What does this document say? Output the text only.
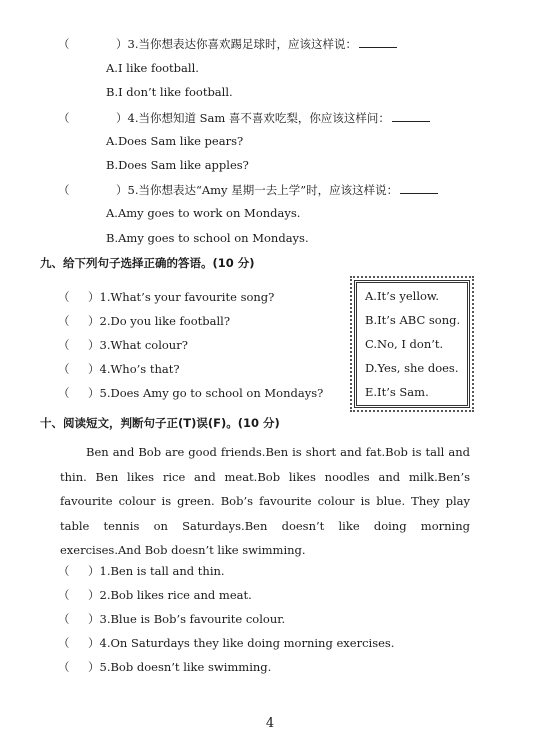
（	）3.当你想表达你喜欢踢足球时，应该这样说：
A.I like football.
B.I don’t like football.
（	）4.当你想知道 Sam 喜不喜欢吃梨，你应该这样问：
A.Does Sam like pears?
B.Does Sam like apples?
（	）5.当你想表达“Amy 星期一去上学”时，应该这样说：
A.Amy goes to work on Mondays.
B.Amy goes to school on Mondays.
九、给下列句子选择正确的答语。(10 分)
（ ）1.What’s your favourite song?
（ ）2.Do you like football?
（ ）3.What colour?
（ ）4.Who’s that?
（ ）5.Does Amy go to school on Mondays?
A.It’s yellow.
B.It’s ABC song.
C.No, I don’t.
D.Yes, she does.
E.It’s Sam.
十、阅读短文，判断句子正(T)误(F)。(10 分)

Ben and Bob are good friends.Ben is short and fat.Bob is tall and thin. Ben likes rice and meat.Bob likes noodles and milk.Ben’s favourite colour is green. Bob’s favourite colour is blue. They play table tennis on Saturdays.Ben doesn’t like doing morning exercises.And Bob doesn’t like swimming.

（ ）1.Ben is tall and thin.
（ ）2.Bob likes rice and meat.
（ ）3.Blue is Bob’s favourite colour.
（ ）4.On Saturdays they like doing morning exercises.
（ ）5.Bob doesn’t like swimming.
4
